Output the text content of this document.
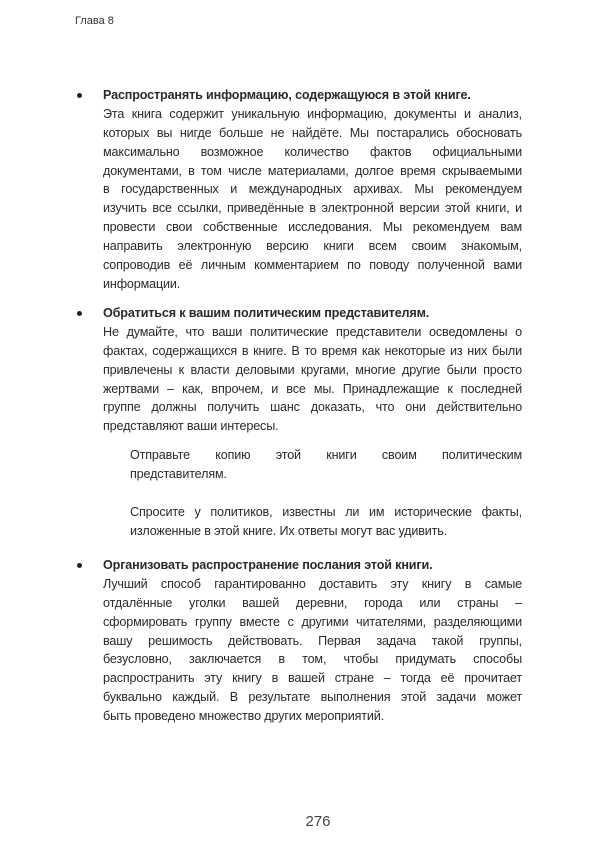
Глава 8
Распространять информацию, содержащуюся в этой книге.
Эта книга содержит уникальную информацию, документы и анализ,
которых вы нигде больше не найдёте. Мы постарались обосновать
максимально возможное количество фактов официальными
документами, в том числе материалами, долгое время скрываемыми
в государственных и международных архивах. Мы рекомендуем
изучить все ссылки, приведённые в электронной версии этой книги, и
провести свои собственные исследования. Мы рекомендуем вам
направить электронную версию книги всем своим знакомым,
сопроводив её личным комментарием по поводу полученной вами
информации.
Обратиться к вашим политическим представителям.
Не думайте, что ваши политические представители осведомлены о
фактах, содержащихся в книге. В то время как некоторые из них были
привлечены к власти деловыми кругами, многие другие были просто
жертвами – как, впрочем, и все мы. Принадлежащие к последней
группе должны получить шанс доказать, что они действительно
представляют ваши интересы.
Отправьте копию этой книги своим политическим
представителям.
Спросите у политиков, известны ли им исторические факты,
изложенные в этой книге. Их ответы могут вас удивить.
Организовать распространение послания этой книги.
Лучший способ гарантированно доставить эту книгу в самые
отдалённые уголки вашей деревни, города или страны –
сформировать группу вместе с другими читателями, разделяющими
вашу решимость действовать. Первая задача такой группы,
безусловно, заключается в том, чтобы придумать способы
распространить эту книгу в вашей стране – тогда её прочитает
буквально каждый. В результате выполнения этой задачи может
быть проведено множество других мероприятий.
276
